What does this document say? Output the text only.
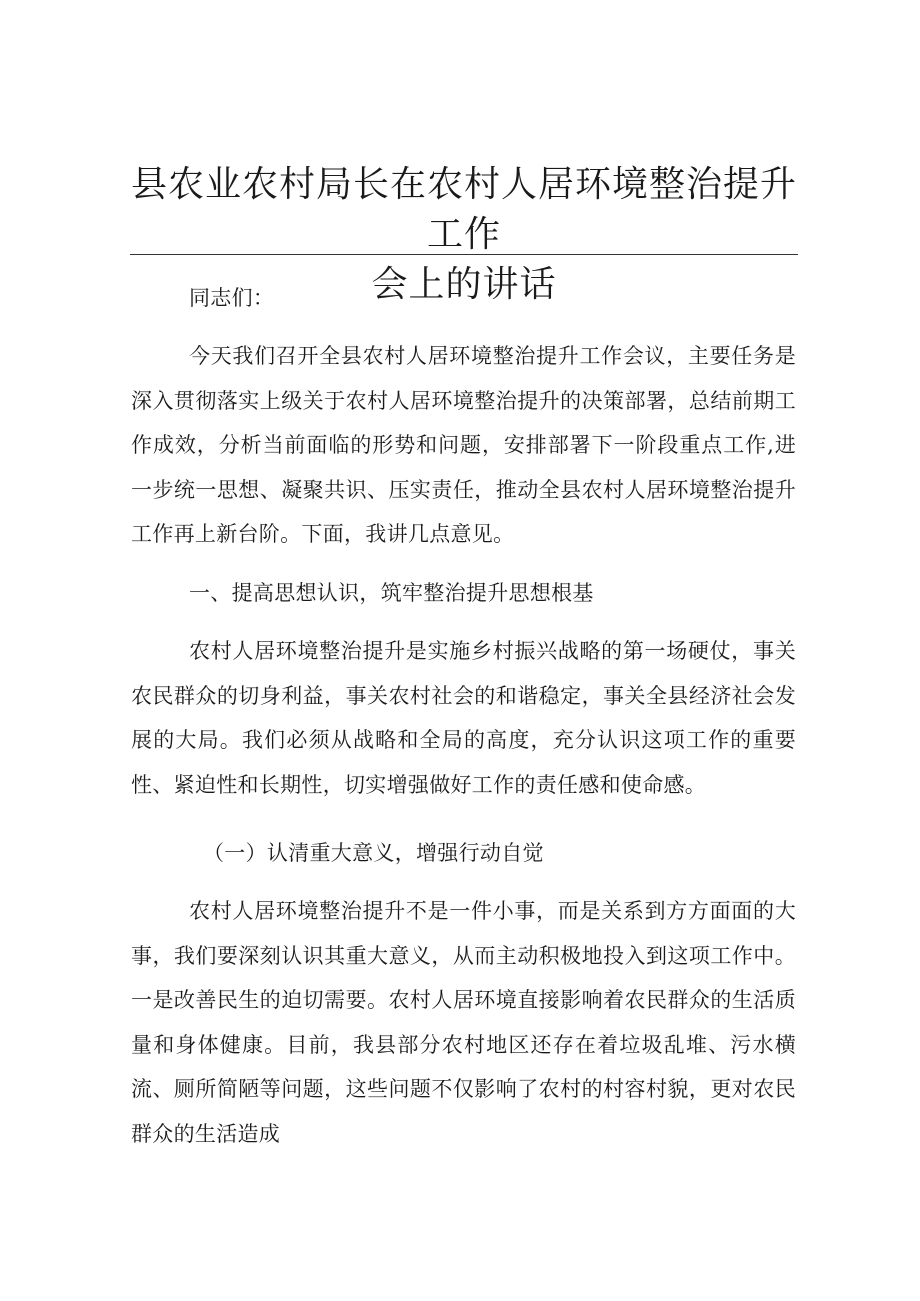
县农业农村局长在农村人居环境整治提升工作
会上的讲话

同志们：

今天我们召开全县农村人居环境整治提升工作会议，主要任务是深入贯彻落实上级关于农村人居环境整治提升的决策部署，总结前期工作成效，分析当前面临的形势和问题，安排部署下一阶段重点工作,进一步统一思想、凝聚共识、压实责任，推动全县农村人居环境整治提升工作再上新台阶。下面，我讲几点意见。

一、提高思想认识，筑牢整治提升思想根基

农村人居环境整治提升是实施乡村振兴战略的第一场硬仗，事关农民群众的切身利益，事关农村社会的和谐稳定，事关全县经济社会发展的大局。我们必须从战略和全局的高度，充分认识这项工作的重要性、紧迫性和长期性，切实增强做好工作的责任感和使命感。

（一）认清重大意义，增强行动自觉

农村人居环境整治提升不是一件小事，而是关系到方方面面的大事，我们要深刻认识其重大意义，从而主动积极地投入到这项工作中。一是改善民生的迫切需要。农村人居环境直接影响着农民群众的生活质量和身体健康。目前，我县部分农村地区还存在着垃圾乱堆、污水横流、厕所简陋等问题，这些问题不仅影响了农村的村容村貌，更对农民群众的生活造成
